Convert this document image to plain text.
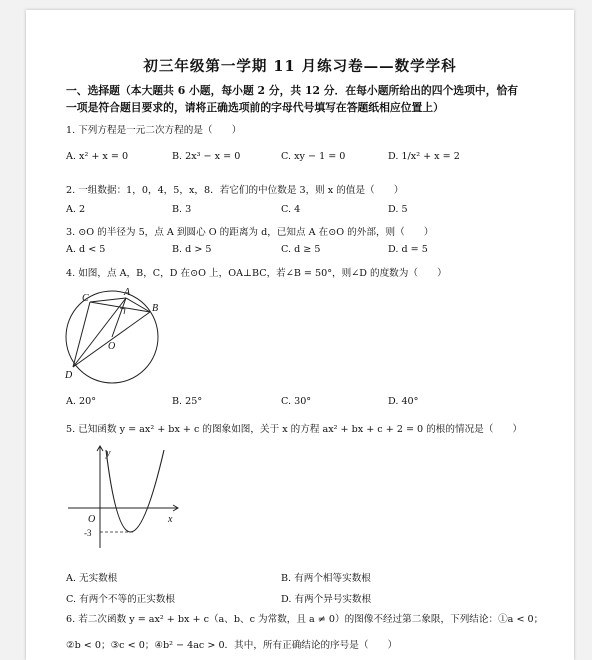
初三年级第一学期 11 月练习卷——数学学科
一、选择题（本大题共 6 小题，每小题 2 分，共 12 分．在每小题所给出的四个选项中，恰有
一项是符合题目要求的，请将正确选项前的字母代号填写在答题纸相应位置上）
1. 下列方程是一元二次方程的是（　　）
A. x² + x = 0	B. 2x³ − x = 0	C. xy − 1 = 0	D. 1/x² + x = 2
2. 一组数据：1，0，4，5，x，8．若它们的中位数是 3，则 x 的值是（　　）
A. 2	B. 3	C. 4	D. 5
3. ⊙O 的半径为 5，点 A 到圆心 O 的距离为 d，已知点 A 在⊙O 的外部，则（　　）
A. d < 5	B. d > 5	C. d ≥ 5	D. d = 5
4. 如图，点 A，B，C，D 在⊙O 上，OA⊥BC，若∠B = 50°，则∠D 的度数为（　　）
A
B
C
D
O
A. 20°	B. 25°	C. 30°	D. 40°
5. 已知函数 y = ax² + bx + c 的图象如图，关于 x 的方程 ax² + bx + c + 2 = 0 的根的情况是（　　）
y
x
O
-3
A. 无实数根	B. 有两个相等实数根
C. 有两个不等的正实数根	D. 有两个异号实数根
6. 若二次函数 y = ax² + bx + c（a、b、c 为常数，且 a ≠ 0）的图像不经过第二象限，下列结论：①a < 0；
②b < 0；③c < 0；④b² − 4ac > 0．其中，所有正确结论的序号是（　　）
